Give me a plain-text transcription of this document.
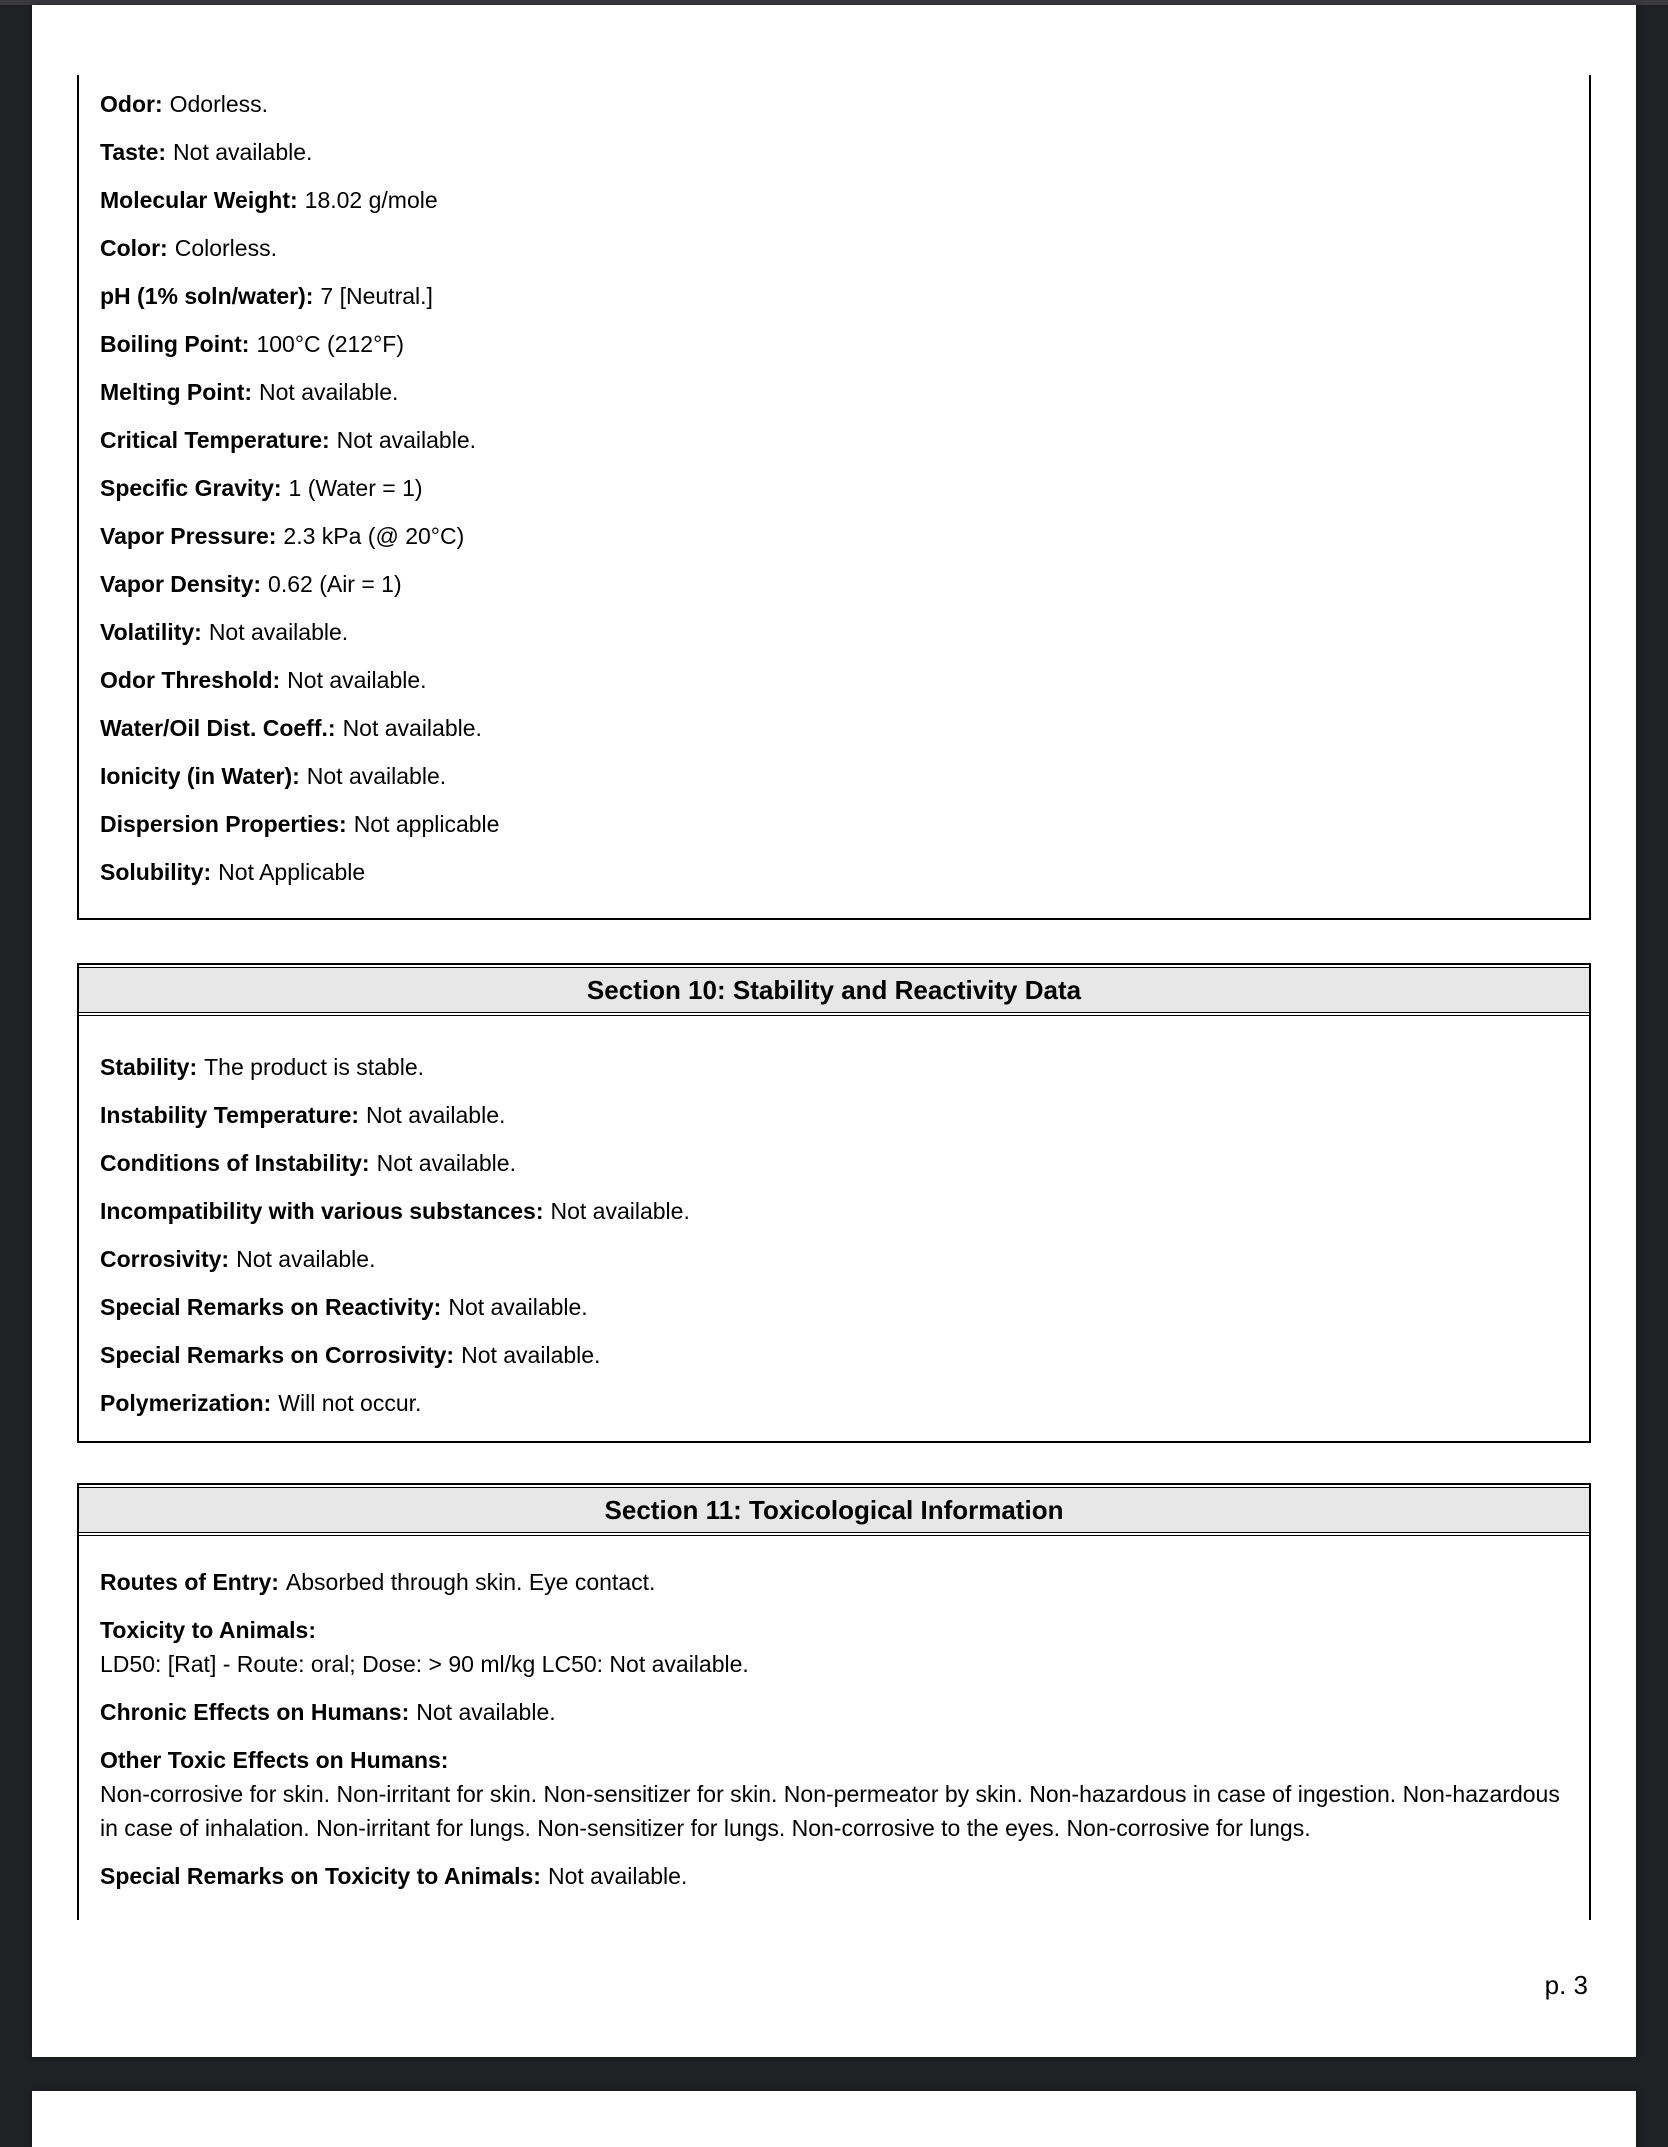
Odor: Odorless.
Taste: Not available.
Molecular Weight: 18.02 g/mole
Color: Colorless.
pH (1% soln/water): 7 [Neutral.]
Boiling Point: 100°C (212°F)
Melting Point: Not available.
Critical Temperature: Not available.
Specific Gravity: 1 (Water = 1)
Vapor Pressure: 2.3 kPa (@ 20°C)
Vapor Density: 0.62 (Air = 1)
Volatility: Not available.
Odor Threshold: Not available.
Water/Oil Dist. Coeff.: Not available.
Ionicity (in Water): Not available.
Dispersion Properties: Not applicable
Solubility: Not Applicable
Section 10: Stability and Reactivity Data
Stability: The product is stable.
Instability Temperature: Not available.
Conditions of Instability: Not available.
Incompatibility with various substances: Not available.
Corrosivity: Not available.
Special Remarks on Reactivity: Not available.
Special Remarks on Corrosivity: Not available.
Polymerization: Will not occur.
Section 11: Toxicological Information
Routes of Entry: Absorbed through skin. Eye contact.
Toxicity to Animals:
LD50: [Rat] - Route: oral; Dose: > 90 ml/kg LC50: Not available.
Chronic Effects on Humans: Not available.
Other Toxic Effects on Humans:
Non-corrosive for skin. Non-irritant for skin. Non-sensitizer for skin. Non-permeator by skin. Non-hazardous in case of ingestion. Non-hazardous in case of inhalation. Non-irritant for lungs. Non-sensitizer for lungs. Non-corrosive to the eyes. Non-corrosive for lungs.
Special Remarks on Toxicity to Animals: Not available.
p. 3
